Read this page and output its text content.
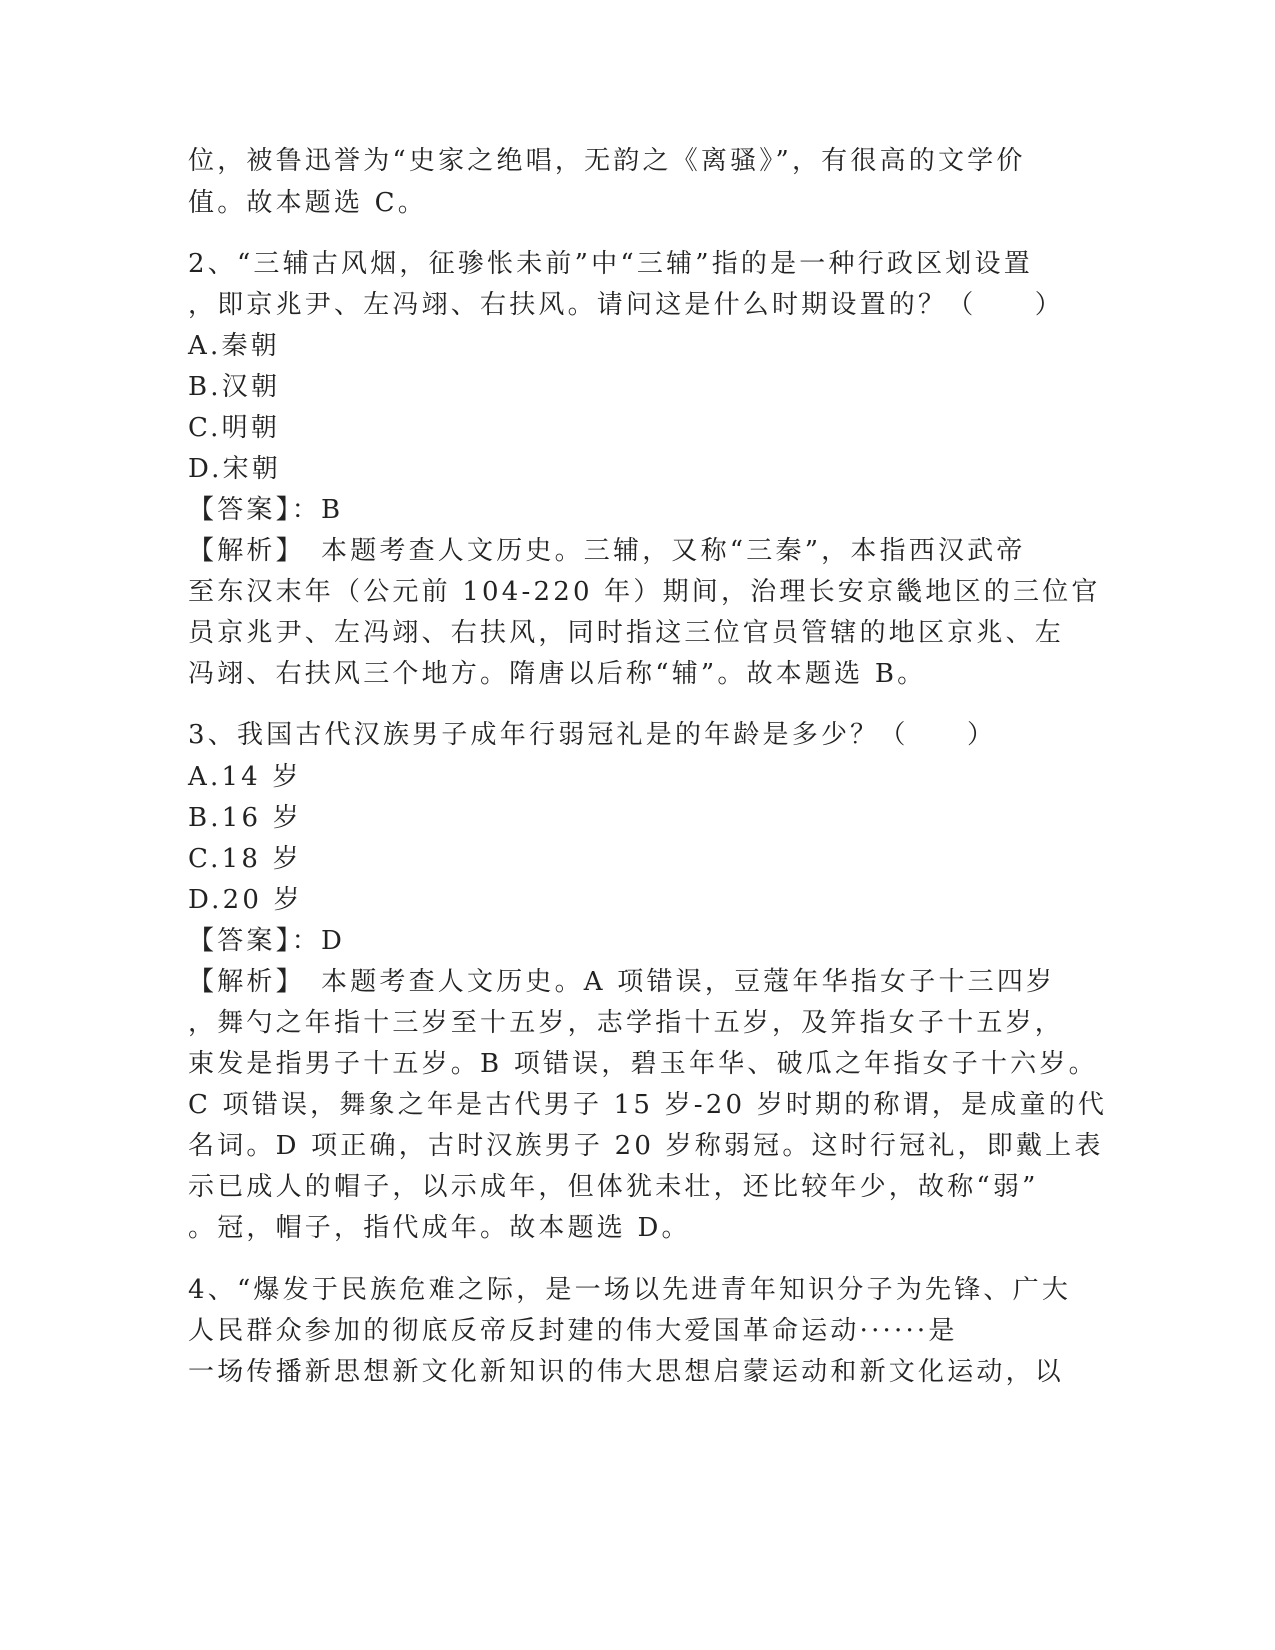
位，被鲁迅誉为“史家之绝唱，无韵之《离骚》”，有很高的文学价
值。故本题选 C。
2、“三辅古风烟，征骖怅未前”中“三辅”指的是一种行政区划设置
，即京兆尹、左冯翊、右扶风。请问这是什么时期设置的？（　　）
A.秦朝
B.汉朝
C.明朝
D.宋朝
【答案】：B
【解析】　本题考查人文历史。三辅，又称“三秦”，本指西汉武帝
至东汉末年（公元前 104-220 年）期间，治理长安京畿地区的三位官
员京兆尹、左冯翊、右扶风，同时指这三位官员管辖的地区京兆、左
冯翊、右扶风三个地方。隋唐以后称“辅”。故本题选 B。
3、我国古代汉族男子成年行弱冠礼是的年龄是多少？（　　）
A.14 岁
B.16 岁
C.18 岁
D.20 岁
【答案】：D
【解析】　本题考查人文历史。A 项错误，豆蔻年华指女子十三四岁
，舞勺之年指十三岁至十五岁，志学指十五岁，及笄指女子十五岁，
束发是指男子十五岁。B 项错误，碧玉年华、破瓜之年指女子十六岁。
C 项错误，舞象之年是古代男子 15 岁-20 岁时期的称谓，是成童的代
名词。D 项正确，古时汉族男子 20 岁称弱冠。这时行冠礼，即戴上表
示已成人的帽子，以示成年，但体犹未壮，还比较年少，故称“弱”
。冠，帽子，指代成年。故本题选 D。
4、“爆发于民族危难之际，是一场以先进青年知识分子为先锋、广大
人民群众参加的彻底反帝反封建的伟大爱国革命运动······是
一场传播新思想新文化新知识的伟大思想启蒙运动和新文化运动，以
